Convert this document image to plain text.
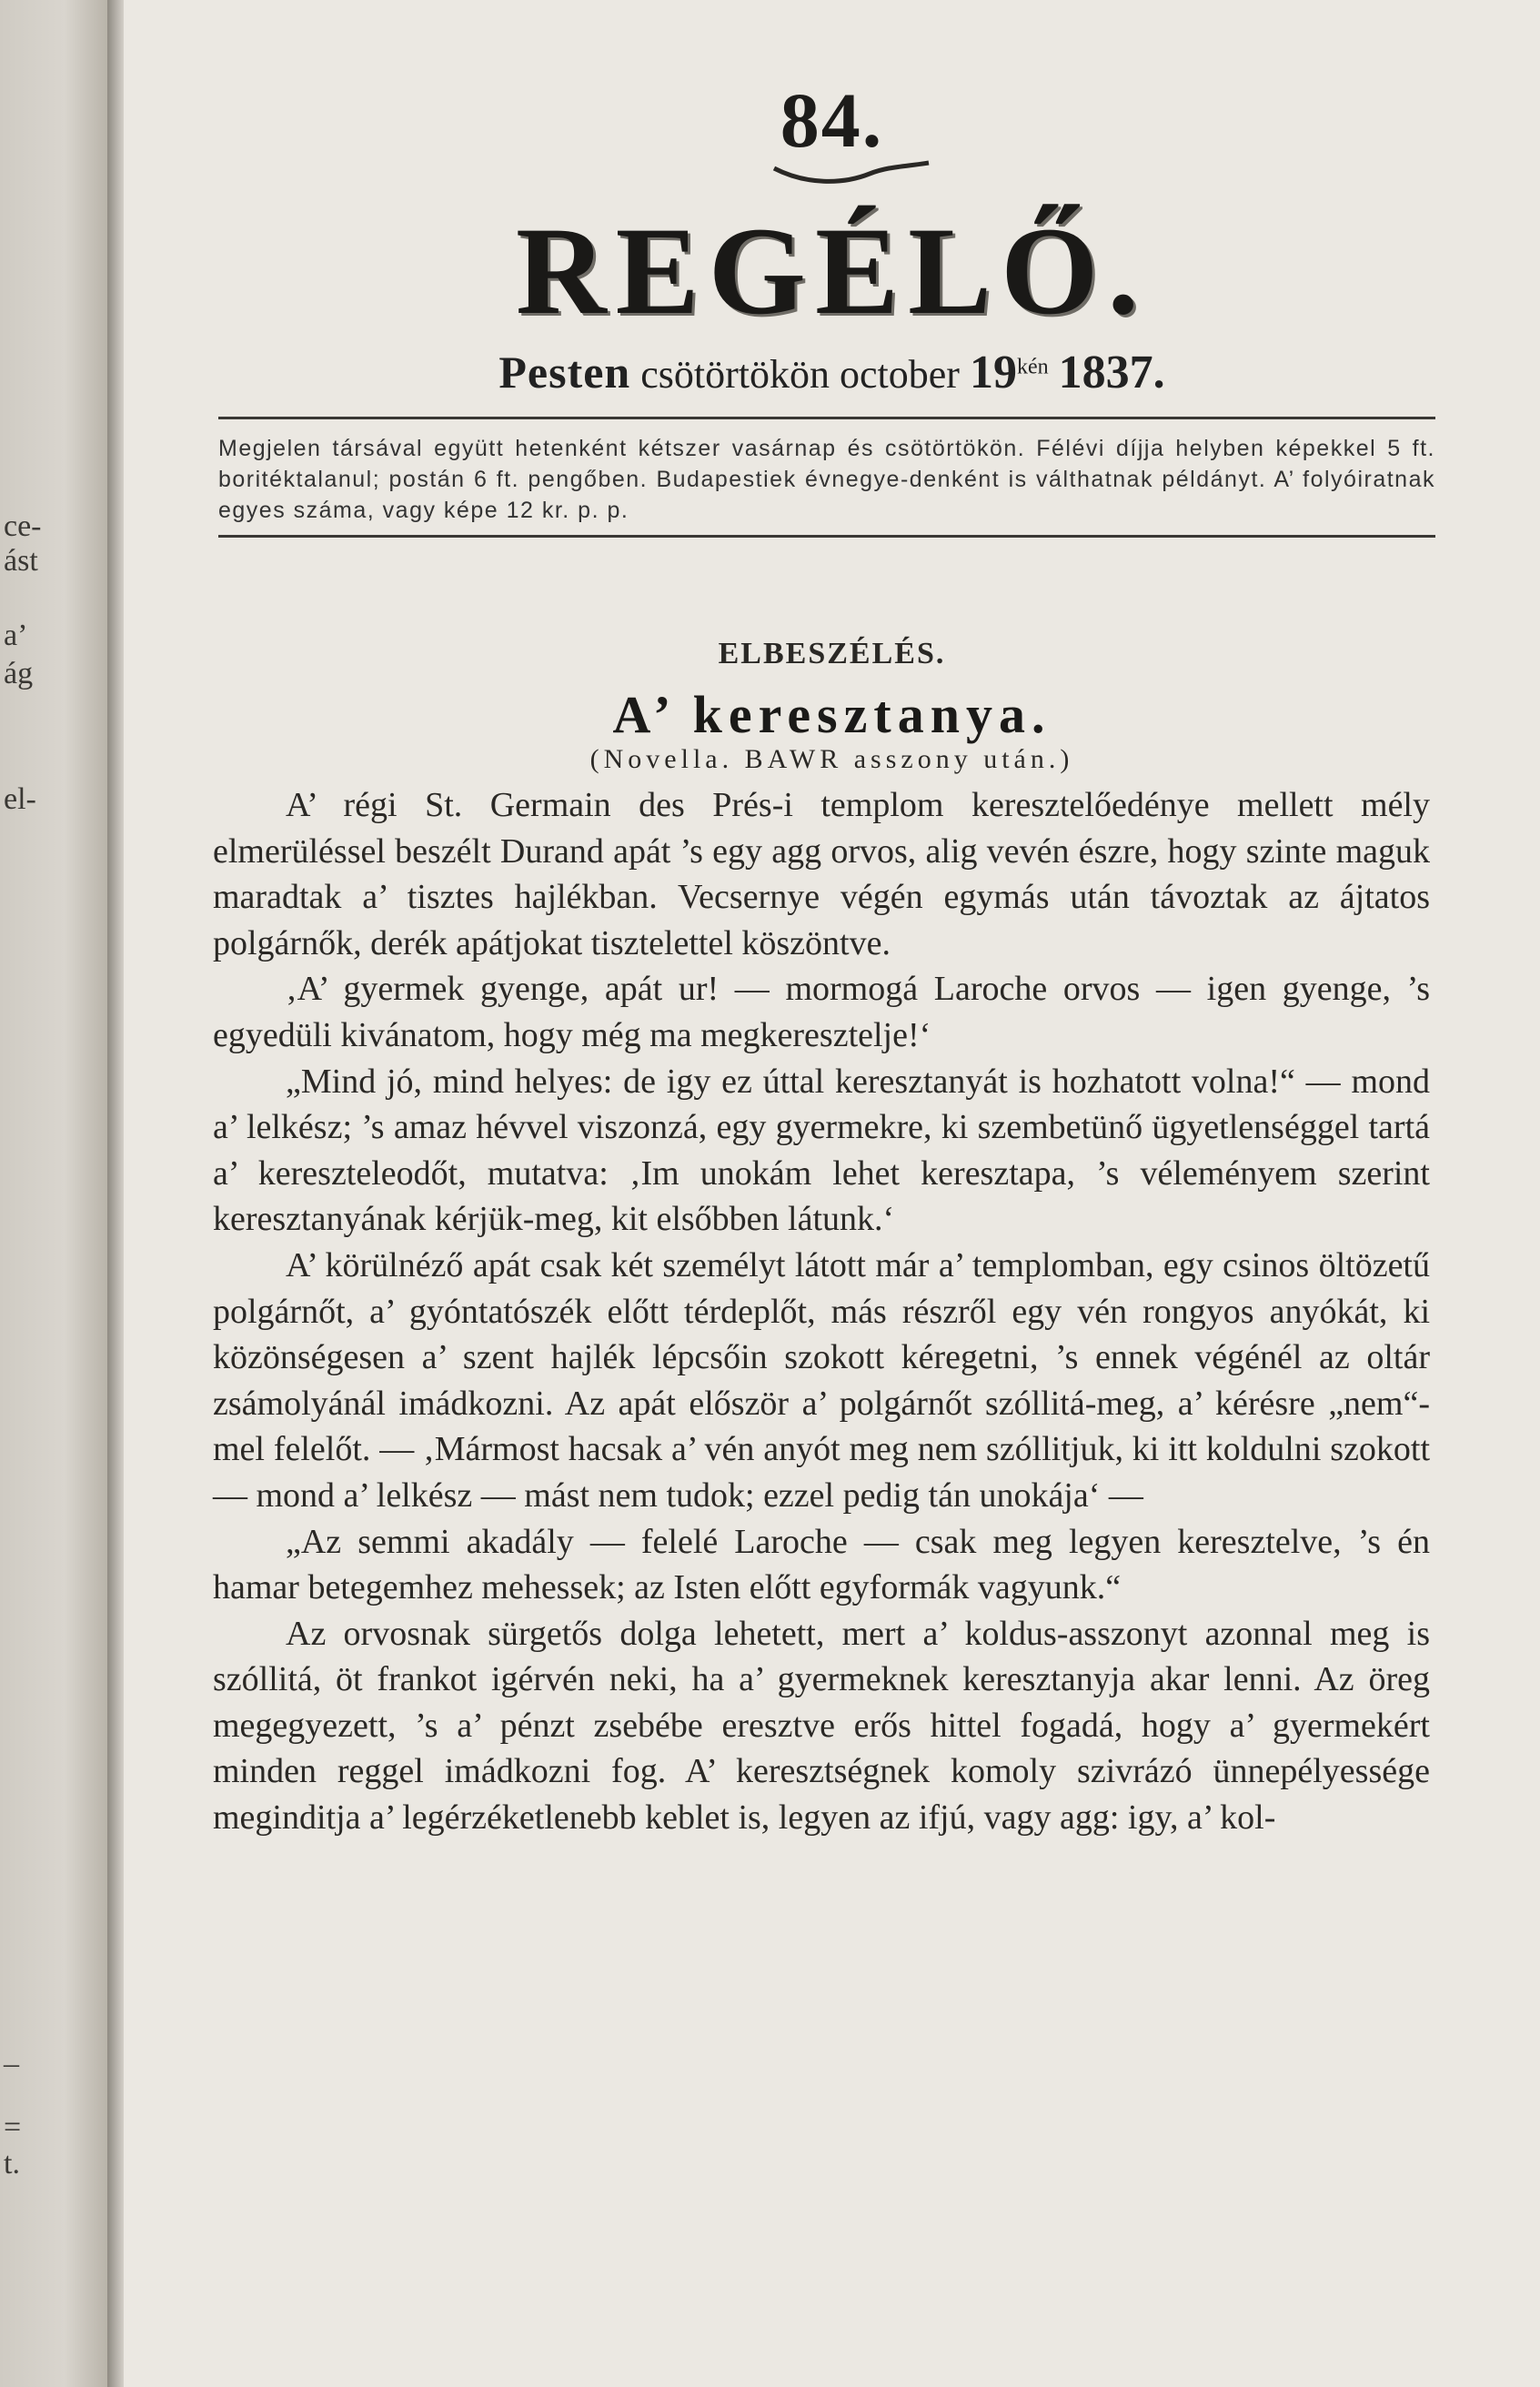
ce-
ást
a’
ág
el-
–
=
t.
84.
REGÉLŐ.
Pesten csötörtökön october $19^{kén}$ 1837.
Megjelen társával együtt hetenként kétszer vasárnap és csötörtökön. Félévi díjja helyben képekkel 5 ft. boritéktalanul; postán 6 ft. pengőben. Budapestiek évnegye-denként is válthatnak példányt. A’ folyóiratnak egyes száma, vagy képe 12 kr. p. p.
ELBESZÉLÉS.
A’ keresztanya.
(Novella. BAWR asszony után.)

A’ régi St. Germain des Prés-i templom keresztelőedénye mellett mély elmerüléssel beszélt Durand apát ’s egy agg orvos, alig vevén észre, hogy szinte maguk maradtak a’ tisztes hajlékban. Vecsernye végén egymás után távoztak az ájtatos polgárnők, derék apátjokat tisztelettel köszöntve.

‚A’ gyermek gyenge, apát ur! — mormogá Laroche orvos — igen gyenge, ’s egyedüli kivánatom, hogy még ma megkeresztelje!‘

„Mind jó, mind helyes: de igy ez úttal keresztanyát is hozhatott volna!“ — mond a’ lelkész; ’s amaz hévvel viszonzá, egy gyermekre, ki szembetünő ügyetlenséggel tartá a’ kereszteleodőt, mutatva: ‚Im unokám lehet keresztapa, ’s véleményem szerint keresztanyának kérjük-meg, kit elsőbben látunk.‘

A’ körülnéző apát csak két személyt látott már a’ templomban, egy csinos öltözetű polgárnőt, a’ gyóntatószék előtt térdeplőt, más részről egy vén rongyos anyókát, ki közönségesen a’ szent hajlék lépcsőin szokott kéregetni, ’s ennek végénél az oltár zsámolyánál imádkozni. Az apát először a’ polgárnőt szóllitá-meg, a’ kérésre „nem“-mel felelőt. — ‚Mármost hacsak a’ vén anyót meg nem szóllitjuk, ki itt koldulni szokott — mond a’ lelkész — mást nem tudok; ezzel pedig tán unokája‘ —

„Az semmi akadály — felelé Laroche — csak meg legyen keresztelve, ’s én hamar betegemhez mehessek; az Isten előtt egyformák vagyunk.“

Az orvosnak sürgetős dolga lehetett, mert a’ koldus-asszonyt azonnal meg is szóllitá, öt frankot igérvén neki, ha a’ gyermeknek keresztanyja akar lenni. Az öreg megegyezett, ’s a’ pénzt zsebébe eresztve erős hittel fogadá, hogy a’ gyermekért minden reggel imádkozni fog. A’ keresztségnek komoly szivrázó ünnepélyessége meginditja a’ legérzéketlenebb keblet is, legyen az ifjú, vagy agg: igy, a’ kol-
